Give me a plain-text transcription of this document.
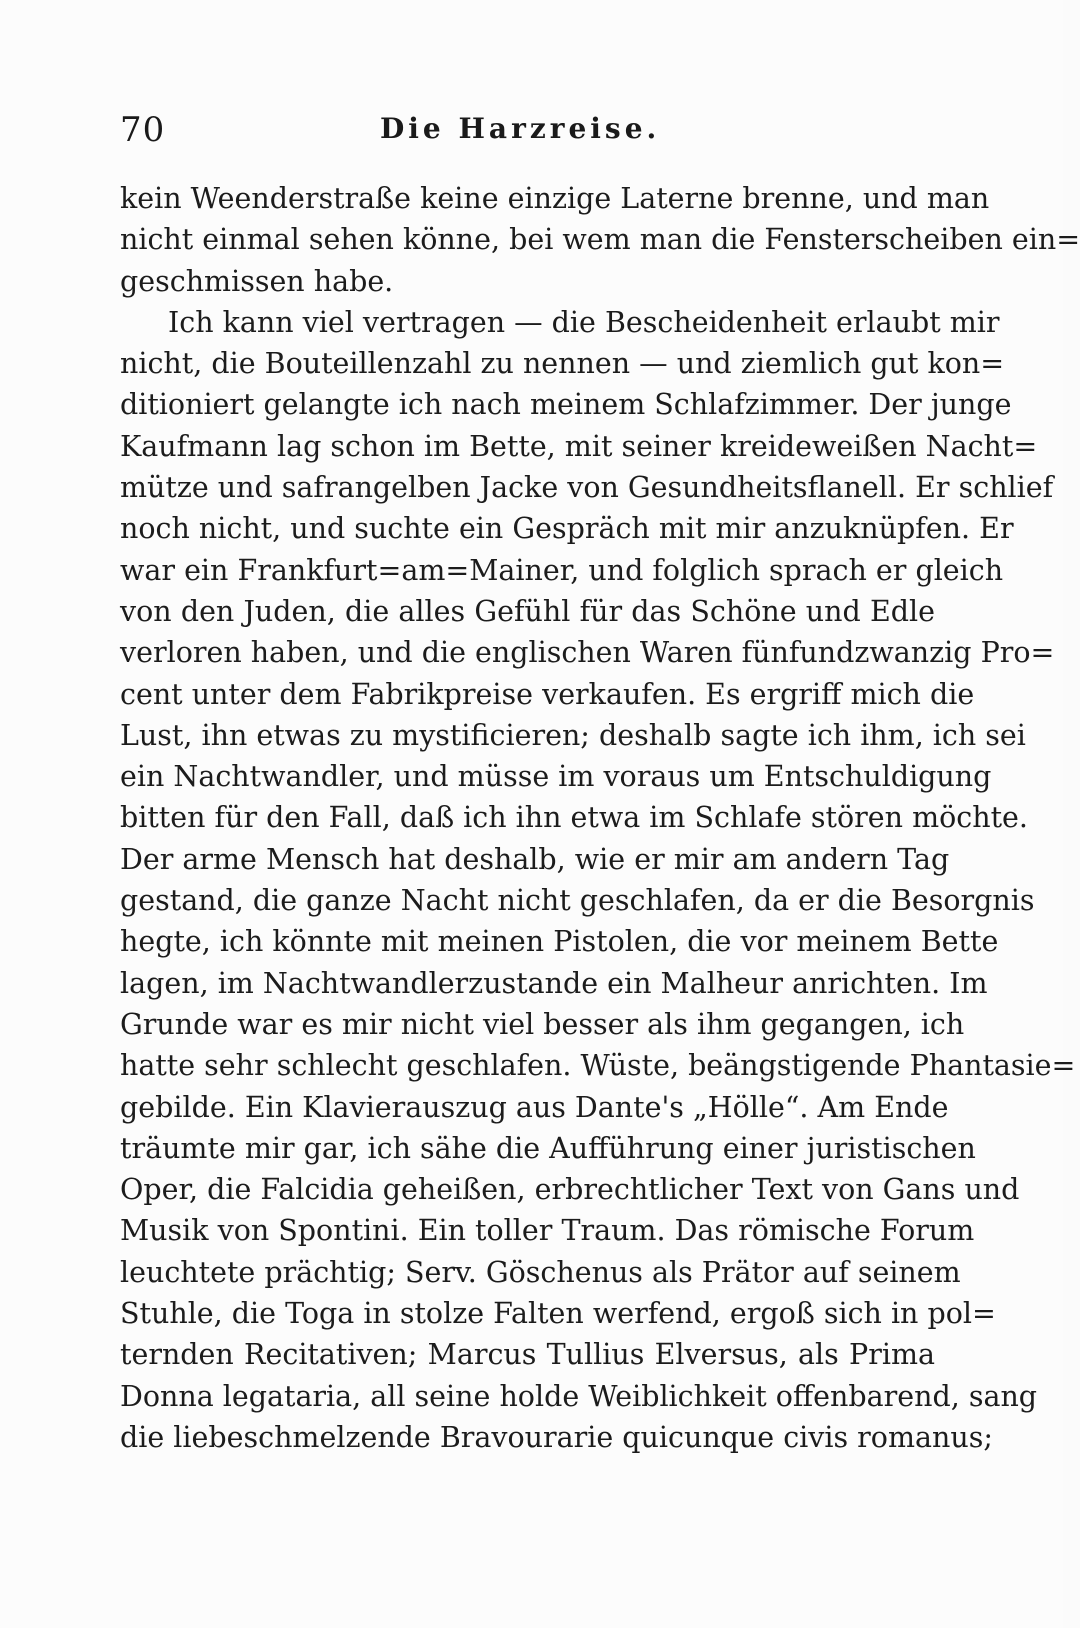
70	Die Harzreise.
kein Weenderstraße keine einzige Laterne brenne, und man
nicht einmal sehen könne, bei wem man die Fensterscheiben ein=
geschmissen habe.
Ich kann viel vertragen — die Bescheidenheit erlaubt mir
nicht, die Bouteillenzahl zu nennen — und ziemlich gut kon=
ditioniert gelangte ich nach meinem Schlafzimmer. Der junge
Kaufmann lag schon im Bette, mit seiner kreideweißen Nacht=
mütze und safrangelben Jacke von Gesundheitsflanell. Er schlief
noch nicht, und suchte ein Gespräch mit mir anzuknüpfen. Er
war ein Frankfurt=am=Mainer, und folglich sprach er gleich
von den Juden, die alles Gefühl für das Schöne und Edle
verloren haben, und die englischen Waren fünfundzwanzig Pro=
cent unter dem Fabrikpreise verkaufen. Es ergriff mich die
Lust, ihn etwas zu mystificieren; deshalb sagte ich ihm, ich sei
ein Nachtwandler, und müsse im voraus um Entschuldigung
bitten für den Fall, daß ich ihn etwa im Schlafe stören möchte.
Der arme Mensch hat deshalb, wie er mir am andern Tag
gestand, die ganze Nacht nicht geschlafen, da er die Besorgnis
hegte, ich könnte mit meinen Pistolen, die vor meinem Bette
lagen, im Nachtwandlerzustande ein Malheur anrichten. Im
Grunde war es mir nicht viel besser als ihm gegangen, ich
hatte sehr schlecht geschlafen. Wüste, beängstigende Phantasie=
gebilde. Ein Klavierauszug aus Dante's „Hölle“. Am Ende
träumte mir gar, ich sähe die Aufführung einer juristischen
Oper, die Falcidia geheißen, erbrechtlicher Text von Gans und
Musik von Spontini. Ein toller Traum. Das römische Forum
leuchtete prächtig; Serv. Göschenus als Prätor auf seinem
Stuhle, die Toga in stolze Falten werfend, ergoß sich in pol=
ternden Recitativen; Marcus Tullius Elversus, als Prima
Donna legataria, all seine holde Weiblichkeit offenbarend, sang
die liebeschmelzende Bravourarie quicunque civis romanus;
